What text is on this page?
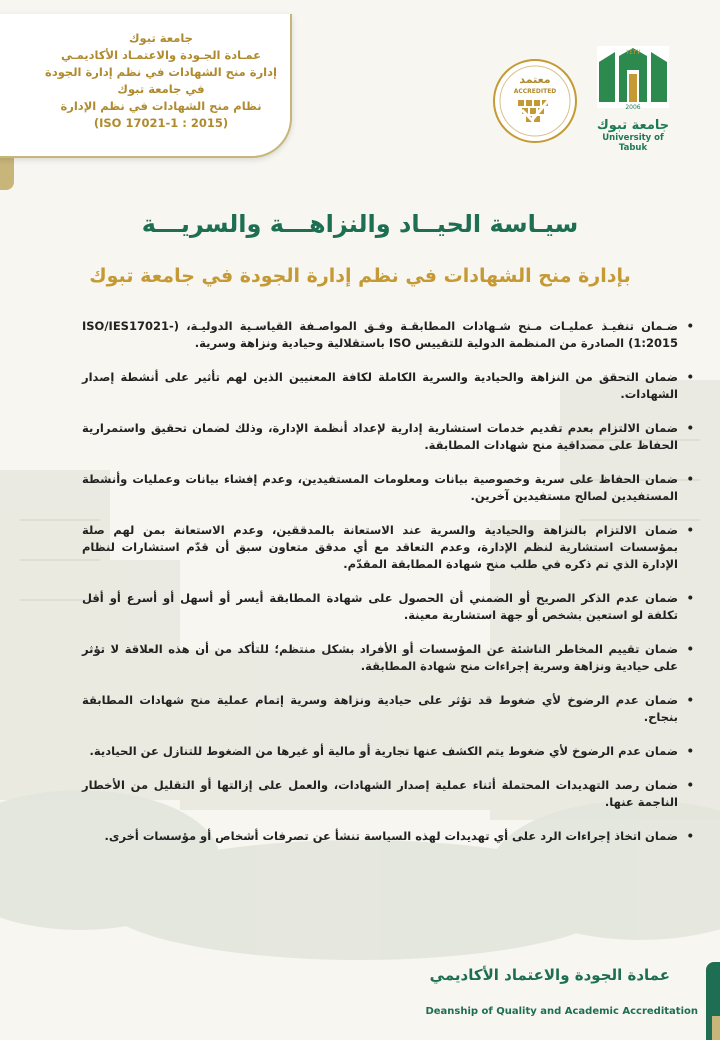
جامعة تبوك
عمـادة الجـودة والاعتمـاد الأكاديمـي
إدارة منح الشهادات في نظم إدارة الجودة
في جامعة تبوك
نظام منح الشهادات في نظم الإدارة
(ISO 17021-1 : 2015)
معتمد
ACCREDITED
١٤٢٧
2006
جامعة تبوك
University of Tabuk
سيـاسة الحيــاد والنزاهـــة والسريـــة
بإدارة منح الشهادات في نظم إدارة الجودة في جامعة تبوك
•
ضـمان تنفيـذ عمليـات مـنح شـهادات المطابقـة وفـق المواصـفة القياسـية الدوليـة، (ISO/IES17021-1:2015) الصادرة من المنظمة الدولية للتقييس ISO باستقلالية وحيادية ونزاهة وسرية.
•
ضمان التحقق من النزاهة والحيادية والسرية الكاملة لكافة المعنيين الذين لهم تأثير على أنشطة إصدار الشهادات.
•
ضمان الالتزام بعدم تقديم خدمات استشارية إدارية لإعداد أنظمة الإدارة، وذلك لضمان تحقيق واستمرارية الحفاظ على مصداقية منح شهادات المطابقة.
•
ضمان الحفاظ على سرية وخصوصية بيانات ومعلومات المستفيدين، وعدم إفشاء بيانات وعمليات وأنشطة المستفيدين لصالح مستفيدين آخرين.
•
ضمان الالتزام بالنزاهة والحيادية والسرية عند الاستعانة بالمدققين، وعدم الاستعانة بمن لهم صلة بمؤسسات استشارية لنظم الإدارة، وعدم التعاقد مع أي مدقق متعاون سبق أن قدّم استشارات لنظام الإدارة الذي تم ذكره في طلب منح شهادة المطابقة المقدّم.
•
ضمان عدم الذكر الصريح أو الضمني أن الحصول على شهادة المطابقة أيسر أو أسهل أو أسرع أو أقل تكلفة لو استعين بشخص أو جهة استشارية معينة.
•
ضمان تقييم المخاطر الناشئة عن المؤسسات أو الأفراد بشكل منتظم؛ للتأكد من أن هذه العلاقة لا تؤثر على حيادية ونزاهة وسرية إجراءات منح شهادة المطابقة.
•
ضمان عدم الرضوخ لأي ضغوط قد تؤثر على حيادية ونزاهة وسرية إتمام عملية منح شهادات المطابقة بنجاح.
•
ضمان عدم الرضوخ لأي ضغوط يتم الكشف عنها تجارية أو مالية أو غيرها من الضغوط للتنازل عن الحيادية.
•
ضمان رصد التهديدات المحتملة أثناء عملية إصدار الشهادات، والعمل على إزالتها أو التقليل من الأخطار الناجمة عنها.
•
ضمان اتخاذ إجراءات الرد على أي تهديدات لهذه السياسة تنشأ عن تصرفات أشخاص أو مؤسسات أخرى.
عمادة الجودة والاعتماد الأكاديمي
Deanship of Quality and Academic Accreditation
